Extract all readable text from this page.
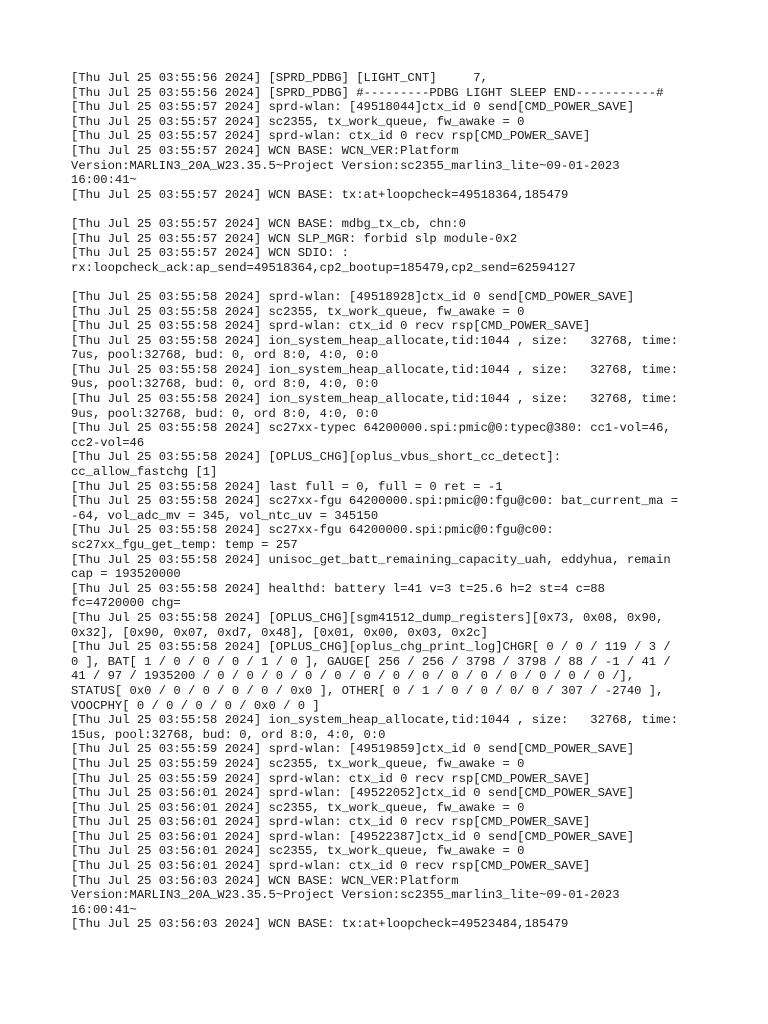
[Thu Jul 25 03:55:56 2024] [SPRD_PDBG] [LIGHT_CNT]     7,
[Thu Jul 25 03:55:56 2024] [SPRD_PDBG] #---------PDBG LIGHT SLEEP END-----------#
[Thu Jul 25 03:55:57 2024] sprd-wlan: [49518044]ctx_id 0 send[CMD_POWER_SAVE]
[Thu Jul 25 03:55:57 2024] sc2355, tx_work_queue, fw_awake = 0
[Thu Jul 25 03:55:57 2024] sprd-wlan: ctx_id 0 recv rsp[CMD_POWER_SAVE]
[Thu Jul 25 03:55:57 2024] WCN BASE: WCN_VER:Platform
Version:MARLIN3_20A_W23.35.5~Project Version:sc2355_marlin3_lite~09-01-2023
16:00:41~
[Thu Jul 25 03:55:57 2024] WCN BASE: tx:at+loopcheck=49518364,185479
[Thu Jul 25 03:55:57 2024] WCN BASE: mdbg_tx_cb, chn:0
[Thu Jul 25 03:55:57 2024] WCN SLP_MGR: forbid slp module-0x2
[Thu Jul 25 03:55:57 2024] WCN SDIO: :
rx:loopcheck_ack:ap_send=49518364,cp2_bootup=185479,cp2_send=62594127
[Thu Jul 25 03:55:58 2024] sprd-wlan: [49518928]ctx_id 0 send[CMD_POWER_SAVE]
[Thu Jul 25 03:55:58 2024] sc2355, tx_work_queue, fw_awake = 0
[Thu Jul 25 03:55:58 2024] sprd-wlan: ctx_id 0 recv rsp[CMD_POWER_SAVE]
[Thu Jul 25 03:55:58 2024] ion_system_heap_allocate,tid:1044 , size:   32768, time:
7us, pool:32768, bud: 0, ord 8:0, 4:0, 0:0
[Thu Jul 25 03:55:58 2024] ion_system_heap_allocate,tid:1044 , size:   32768, time:
9us, pool:32768, bud: 0, ord 8:0, 4:0, 0:0
[Thu Jul 25 03:55:58 2024] ion_system_heap_allocate,tid:1044 , size:   32768, time:
9us, pool:32768, bud: 0, ord 8:0, 4:0, 0:0
[Thu Jul 25 03:55:58 2024] sc27xx-typec 64200000.spi:pmic@0:typec@380: cc1-vol=46,
cc2-vol=46
[Thu Jul 25 03:55:58 2024] [OPLUS_CHG][oplus_vbus_short_cc_detect]:
cc_allow_fastchg [1]
[Thu Jul 25 03:55:58 2024] last full = 0, full = 0 ret = -1
[Thu Jul 25 03:55:58 2024] sc27xx-fgu 64200000.spi:pmic@0:fgu@c00: bat_current_ma =
-64, vol_adc_mv = 345, vol_ntc_uv = 345150
[Thu Jul 25 03:55:58 2024] sc27xx-fgu 64200000.spi:pmic@0:fgu@c00:
sc27xx_fgu_get_temp: temp = 257
[Thu Jul 25 03:55:58 2024] unisoc_get_batt_remaining_capacity_uah, eddyhua, remain
cap = 193520000
[Thu Jul 25 03:55:58 2024] healthd: battery l=41 v=3 t=25.6 h=2 st=4 c=88
fc=4720000 chg=
[Thu Jul 25 03:55:58 2024] [OPLUS_CHG][sgm41512_dump_registers][0x73, 0x08, 0x90,
0x32], [0x90, 0x07, 0xd7, 0x48], [0x01, 0x00, 0x03, 0x2c]
[Thu Jul 25 03:55:58 2024] [OPLUS_CHG][oplus_chg_print_log]CHGR[ 0 / 0 / 119 / 3 /
0 ], BAT[ 1 / 0 / 0 / 0 / 1 / 0 ], GAUGE[ 256 / 256 / 3798 / 3798 / 88 / -1 / 41 /
41 / 97 / 1935200 / 0 / 0 / 0 / 0 / 0 / 0 / 0 / 0 / 0 / 0 / 0 / 0 / 0 / 0 /],
STATUS[ 0x0 / 0 / 0 / 0 / 0 / 0x0 ], OTHER[ 0 / 1 / 0 / 0 / 0/ 0 / 307 / -2740 ],
VOOCPHY[ 0 / 0 / 0 / 0 / 0x0 / 0 ]
[Thu Jul 25 03:55:58 2024] ion_system_heap_allocate,tid:1044 , size:   32768, time:
15us, pool:32768, bud: 0, ord 8:0, 4:0, 0:0
[Thu Jul 25 03:55:59 2024] sprd-wlan: [49519859]ctx_id 0 send[CMD_POWER_SAVE]
[Thu Jul 25 03:55:59 2024] sc2355, tx_work_queue, fw_awake = 0
[Thu Jul 25 03:55:59 2024] sprd-wlan: ctx_id 0 recv rsp[CMD_POWER_SAVE]
[Thu Jul 25 03:56:01 2024] sprd-wlan: [49522052]ctx_id 0 send[CMD_POWER_SAVE]
[Thu Jul 25 03:56:01 2024] sc2355, tx_work_queue, fw_awake = 0
[Thu Jul 25 03:56:01 2024] sprd-wlan: ctx_id 0 recv rsp[CMD_POWER_SAVE]
[Thu Jul 25 03:56:01 2024] sprd-wlan: [49522387]ctx_id 0 send[CMD_POWER_SAVE]
[Thu Jul 25 03:56:01 2024] sc2355, tx_work_queue, fw_awake = 0
[Thu Jul 25 03:56:01 2024] sprd-wlan: ctx_id 0 recv rsp[CMD_POWER_SAVE]
[Thu Jul 25 03:56:03 2024] WCN BASE: WCN_VER:Platform
Version:MARLIN3_20A_W23.35.5~Project Version:sc2355_marlin3_lite~09-01-2023
16:00:41~
[Thu Jul 25 03:56:03 2024] WCN BASE: tx:at+loopcheck=49523484,185479
